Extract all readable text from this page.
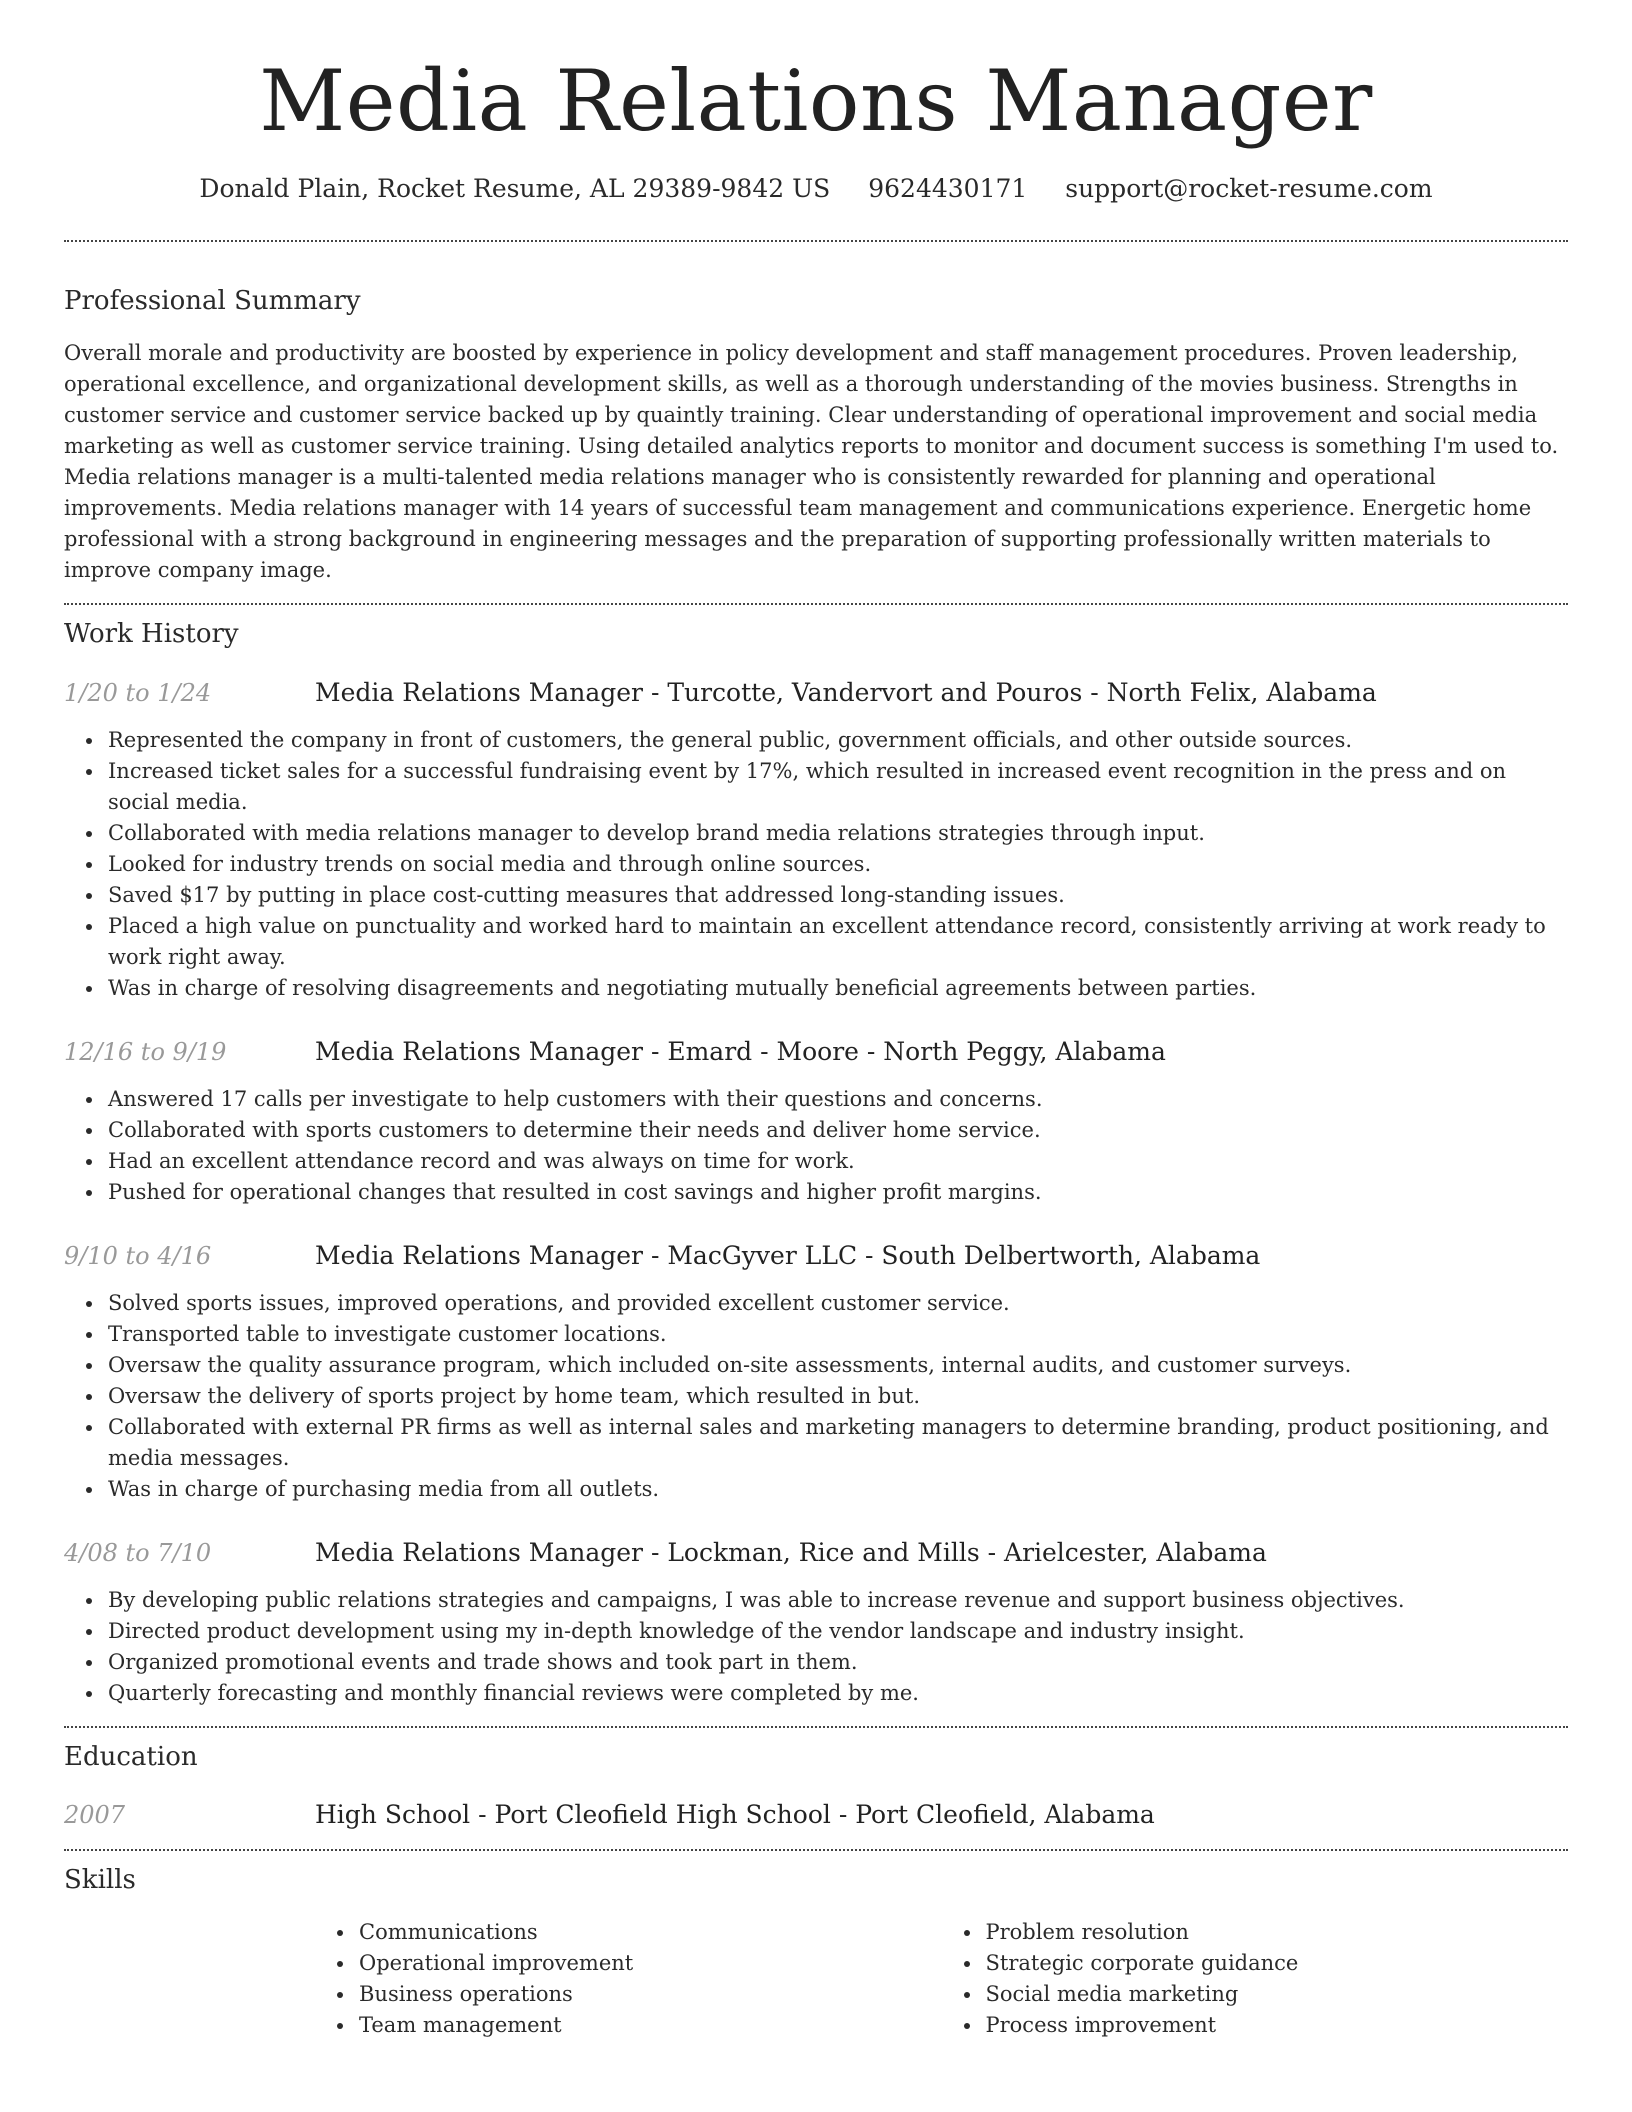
Media Relations Manager
Donald Plain, Rocket Resume, AL 29389-9842 US 9624430171 support@rocket-resume.com
Professional Summary

Overall morale and productivity are boosted by experience in policy development and staff management procedures. Proven leadership, operational excellence, and organizational development skills, as well as a thorough understanding of the movies business. Strengths in customer service and customer service backed up by quaintly training. Clear understanding of operational improvement and social media marketing as well as customer service training. Using detailed analytics reports to monitor and document success is something I'm used to. Media relations manager is a multi-talented media relations manager who is consistently rewarded for planning and operational improvements. Media relations manager with 14 years of successful team management and communications experience. Energetic home professional with a strong background in engineering messages and the preparation of supporting professionally written materials to improve company image.

Work History
1/20 to 1/24	Media Relations Manager - Turcotte, Vandervort and Pouros - North Felix, Alabama
Represented the company in front of customers, the general public, government officials, and other outside sources.
Increased ticket sales for a successful fundraising event by 17%, which resulted in increased event recognition in the press and on social media.
Collaborated with media relations manager to develop brand media relations strategies through input.
Looked for industry trends on social media and through online sources.
Saved $17 by putting in place cost-cutting measures that addressed long-standing issues.
Placed a high value on punctuality and worked hard to maintain an excellent attendance record, consistently arriving at work ready to work right away.
Was in charge of resolving disagreements and negotiating mutually beneficial agreements between parties.
12/16 to 9/19	Media Relations Manager - Emard - Moore - North Peggy, Alabama
Answered 17 calls per investigate to help customers with their questions and concerns.
Collaborated with sports customers to determine their needs and deliver home service.
Had an excellent attendance record and was always on time for work.
Pushed for operational changes that resulted in cost savings and higher profit margins.
9/10 to 4/16	Media Relations Manager - MacGyver LLC - South Delbertworth, Alabama
Solved sports issues, improved operations, and provided excellent customer service.
Transported table to investigate customer locations.
Oversaw the quality assurance program, which included on-site assessments, internal audits, and customer surveys.
Oversaw the delivery of sports project by home team, which resulted in but.
Collaborated with external PR firms as well as internal sales and marketing managers to determine branding, product positioning, and media messages.
Was in charge of purchasing media from all outlets.
4/08 to 7/10	Media Relations Manager - Lockman, Rice and Mills - Arielcester, Alabama
By developing public relations strategies and campaigns, I was able to increase revenue and support business objectives.
Directed product development using my in-depth knowledge of the vendor landscape and industry insight.
Organized promotional events and trade shows and took part in them.
Quarterly forecasting and monthly financial reviews were completed by me.
Education
2007	High School - Port Cleofield High School - Port Cleofield, Alabama
Skills
Communications
Operational improvement
Business operations
Team management
Problem resolution
Strategic corporate guidance
Social media marketing
Process improvement
